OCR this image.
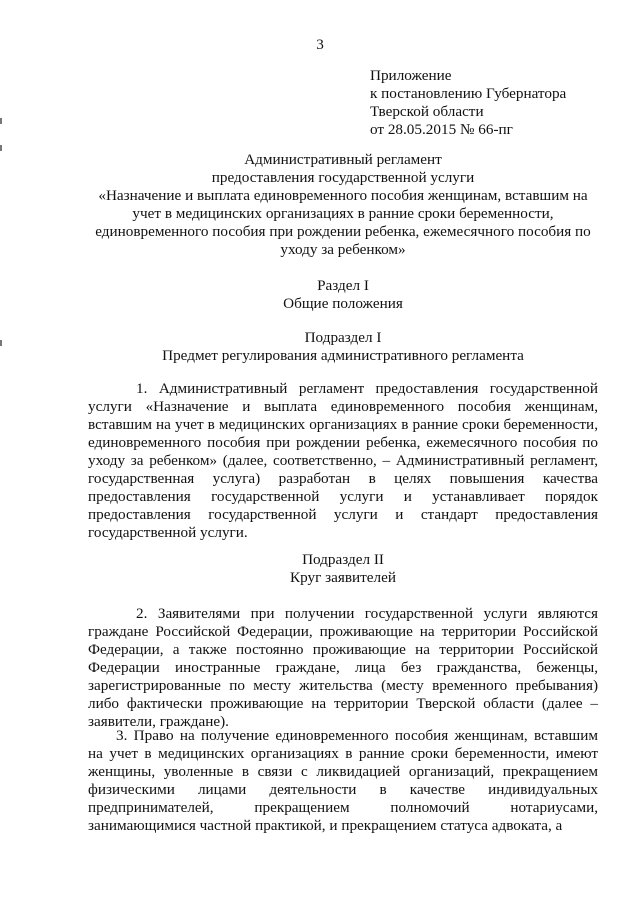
3
Приложение
к постановлению Губернатора
Тверской области
от 28.05.2015 № 66-пг
Административный регламент
предоставления государственной услуги
«Назначение и выплата единовременного пособия женщинам, вставшим на учет в медицинских организациях в ранние сроки беременности, единовременного пособия при рождении ребенка, ежемесячного пособия по уходу за ребенком»
Раздел I
Общие положения
Подраздел I
Предмет регулирования административного регламента
1. Административный регламент предоставления государственной услуги «Назначение и выплата единовременного пособия женщинам, вставшим на учет в медицинских организациях в ранние сроки беременности, единовременного пособия при рождении ребенка, ежемесячного пособия по уходу за ребенком» (далее, соответственно, – Административный регламент, государственная услуга) разработан в целях повышения качества предоставления государственной услуги и устанавливает порядок предоставления государственной услуги и стандарт предоставления государственной услуги.
Подраздел II
Круг заявителей
2. Заявителями при получении государственной услуги являются граждане Российской Федерации, проживающие на территории Российской Федерации, а также постоянно проживающие на территории Российской Федерации иностранные граждане, лица без гражданства, беженцы, зарегистрированные по месту жительства (месту временного пребывания) либо фактически проживающие на территории Тверской области (далее – заявители, граждане).
3. Право на получение единовременного пособия женщинам, вставшим на учет в медицинских организациях в ранние сроки беременности, имеют женщины, уволенные в связи с ликвидацией организаций, прекращением физическими лицами деятельности в качестве индивидуальных предпринимателей, прекращением полномочий нотариусами, занимающимися частной практикой, и прекращением статуса адвоката, а
